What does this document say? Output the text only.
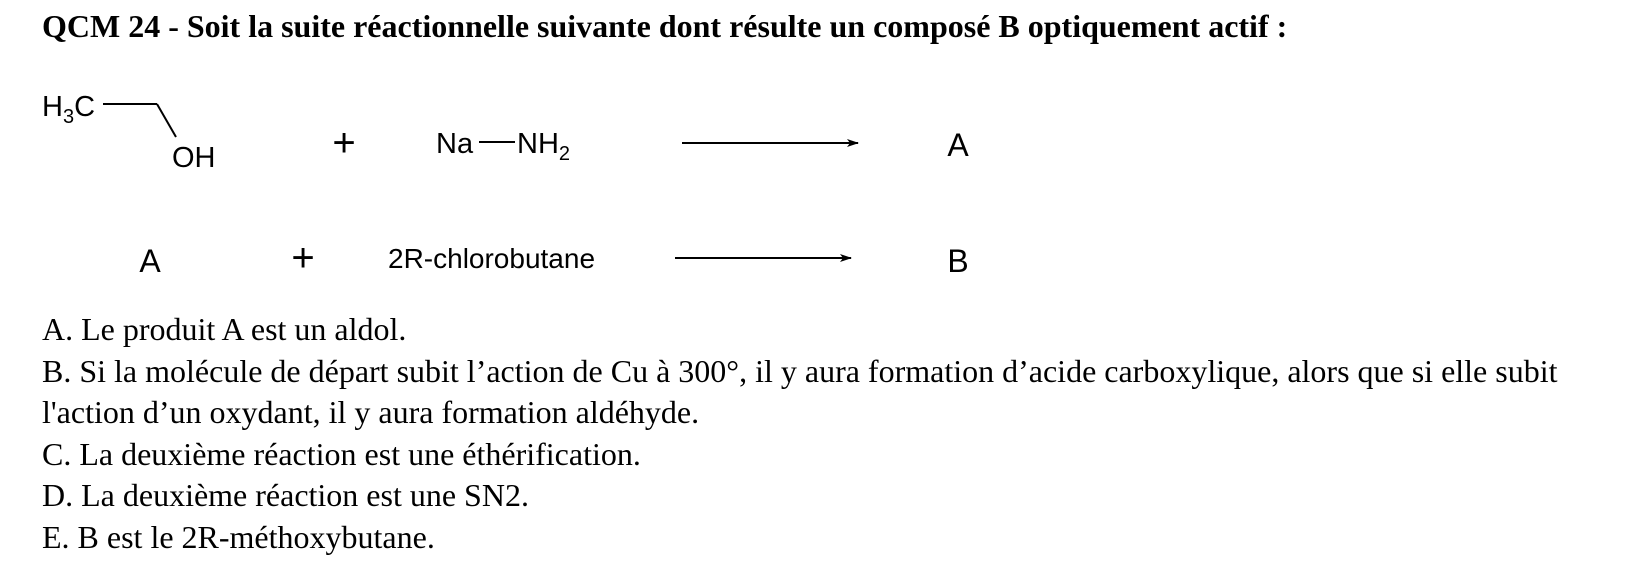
QCM 24 - Soit la suite réactionnelle suivante dont résulte un composé B optiquement actif :
$H_3C$
OH	+	Na $NH_2$	A
A	+	2R-chlorobutane	B

A. Le produit A est un aldol.

B. Si la molécule de départ subit l’action de Cu à 300°, il y aura formation d’acide carboxylique, alors que si elle subit l'action d’un oxydant, il y aura formation aldéhyde.

C. La deuxième réaction est une éthérification.

D. La deuxième réaction est une SN2.

E. B est le 2R-méthoxybutane.
